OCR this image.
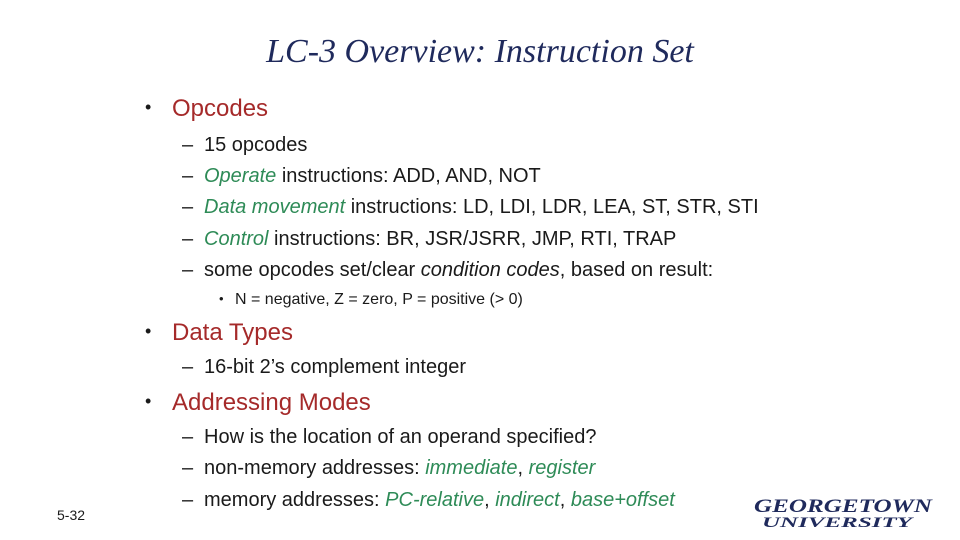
LC-3 Overview: Instruction Set
• Opcodes
– 15 opcodes
– Operate instructions: ADD, AND, NOT
– Data movement instructions: LD, LDI, LDR, LEA, ST, STR, STI
– Control instructions: BR, JSR/JSRR, JMP, RTI, TRAP
– some opcodes set/clear condition codes, based on result:
• N = negative, Z = zero, P = positive (> 0)
• Data Types
– 16-bit 2’s complement integer
• Addressing Modes
– How is the location of an operand specified?
– non-memory addresses: immediate, register
– memory addresses: PC-relative, indirect, base+offset
5-32	GEORGETOWN
UNIVERSITY
